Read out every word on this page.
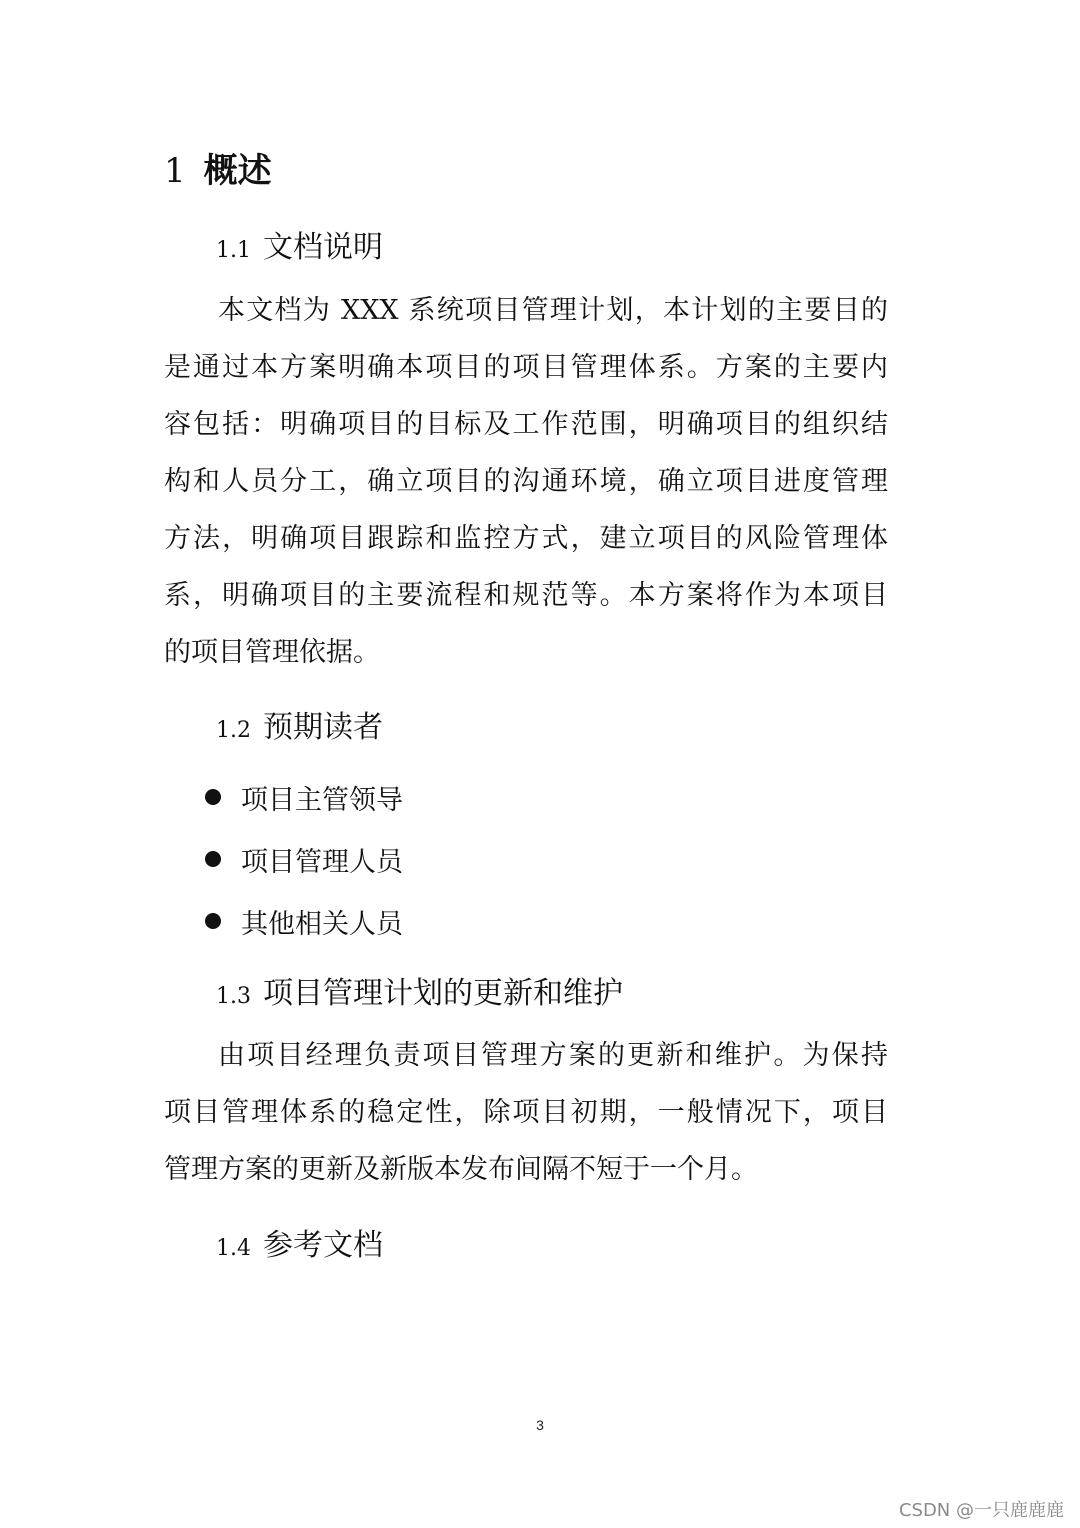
1 概述
1.1 文档说明
本文档为 XXX 系统项目管理计划，本计划的主要目的
是通过本方案明确本项目的项目管理体系。方案的主要内
容包括：明确项目的目标及工作范围，明确项目的组织结
构和人员分工，确立项目的沟通环境，确立项目进度管理
方法，明确项目跟踪和监控方式，建立项目的风险管理体
系，明确项目的主要流程和规范等。本方案将作为本项目
的项目管理依据。
1.2 预期读者
项目主管领导
项目管理人员
其他相关人员
1.3 项目管理计划的更新和维护
由项目经理负责项目管理方案的更新和维护。为保持
项目管理体系的稳定性，除项目初期，一般情况下，项目
管理方案的更新及新版本发布间隔不短于一个月。
1.4 参考文档
3
CSDN @一只鹿鹿鹿
